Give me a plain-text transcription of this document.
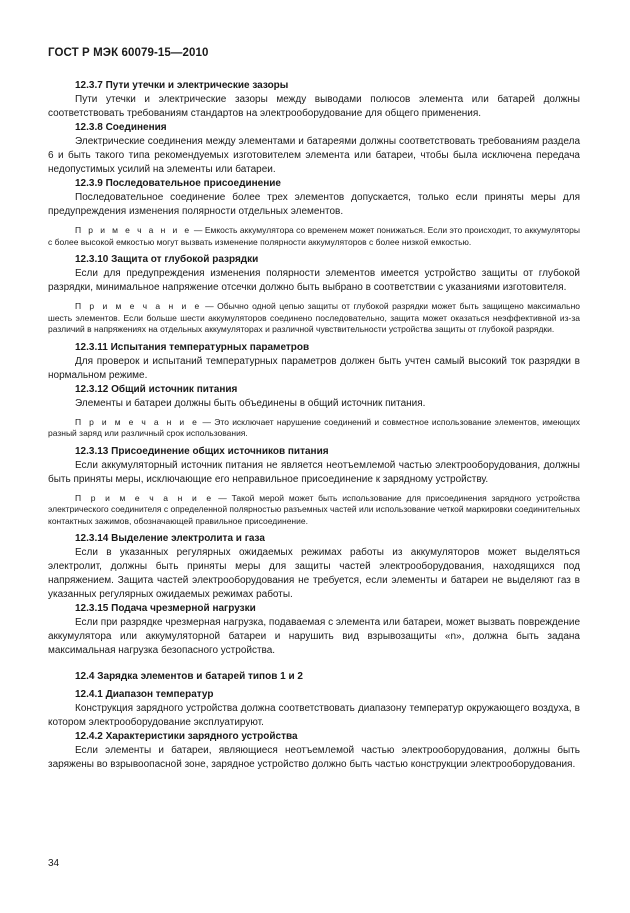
ГОСТ Р МЭК 60079-15—2010

12.3.7 Пути утечки и электрические зазоры

Пути утечки и электрические зазоры между выводами полюсов элемента или батарей должны соответствовать требованиям стандартов на электрооборудование для общего применения.

12.3.8 Соединения

Электрические соединения между элементами и батареями должны соответствовать требованиям раздела 6 и быть такого типа рекомендуемых изготовителем элемента или батареи, чтобы была исключена передача недопустимых усилий на элементы или батареи.

12.3.9 Последовательное присоединение

Последовательное соединение более трех элементов допускается, только если приняты меры для предупреждения изменения полярности отдельных элементов.

П р и м е ч а н и е — Емкость аккумулятора со временем может понижаться. Если это происходит, то аккумуляторы с более высокой емкостью могут вызвать изменение полярности аккумуляторов с более низкой емкостью.

12.3.10 Защита от глубокой разрядки

Если для предупреждения изменения полярности элементов имеется устройство защиты от глубокой разрядки, минимальное напряжение отсечки должно быть выбрано в соответствии с указаниями изготовителя.

П р и м е ч а н и е — Обычно одной цепью защиты от глубокой разрядки может быть защищено максимально шесть элементов. Если больше шести аккумуляторов соединено последовательно, защита может оказаться неэффективной из-за различий в напряжениях на отдельных аккумуляторах и различной чувствительности устройства защиты от глубокой разрядки.

12.3.11 Испытания температурных параметров

Для проверок и испытаний температурных параметров должен быть учтен самый высокий ток разрядки в нормальном режиме.

12.3.12 Общий источник питания

Элементы и батареи должны быть объединены в общий источник питания.

П р и м е ч а н и е — Это исключает нарушение соединений и совместное использование элементов, имеющих разный заряд или различный срок использования.

12.3.13 Присоединение общих источников питания

Если аккумуляторный источник питания не является неотъемлемой частью электрооборудования, должны быть приняты меры, исключающие его неправильное присоединение к зарядному устройству.

П р и м е ч а н и е — Такой мерой может быть использование для присоединения зарядного устройства электрического соединителя с определенной полярностью разъемных частей или использование четкой маркировки соединительных контактных зажимов, обозначающей правильное присоединение.

12.3.14 Выделение электролита и газа

Если в указанных регулярных ожидаемых режимах работы из аккумуляторов может выделяться электролит, должны быть приняты меры для защиты частей электрооборудования, находящихся под напряжением. Защита частей электрооборудования не требуется, если элементы и батареи не выделяют газ в указанных регулярных ожидаемых режимах работы.

12.3.15 Подача чрезмерной нагрузки

Если при разрядке чрезмерная нагрузка, подаваемая с элемента или батареи, может вызвать повреждение аккумулятора или аккумуляторной батареи и нарушить вид взрывозащиты «n», должна быть задана максимальная нагрузка безопасного устройства.

12.4 Зарядка элементов и батарей типов 1 и 2

12.4.1 Диапазон температур

Конструкция зарядного устройства должна соответствовать диапазону температур окружающего воздуха, в котором электрооборудование эксплуатируют.

12.4.2 Характеристики зарядного устройства

Если элементы и батареи, являющиеся неотъемлемой частью электрооборудования, должны быть заряжены во взрывоопасной зоне, зарядное устройство должно быть частью конструкции электрооборудования.

34
